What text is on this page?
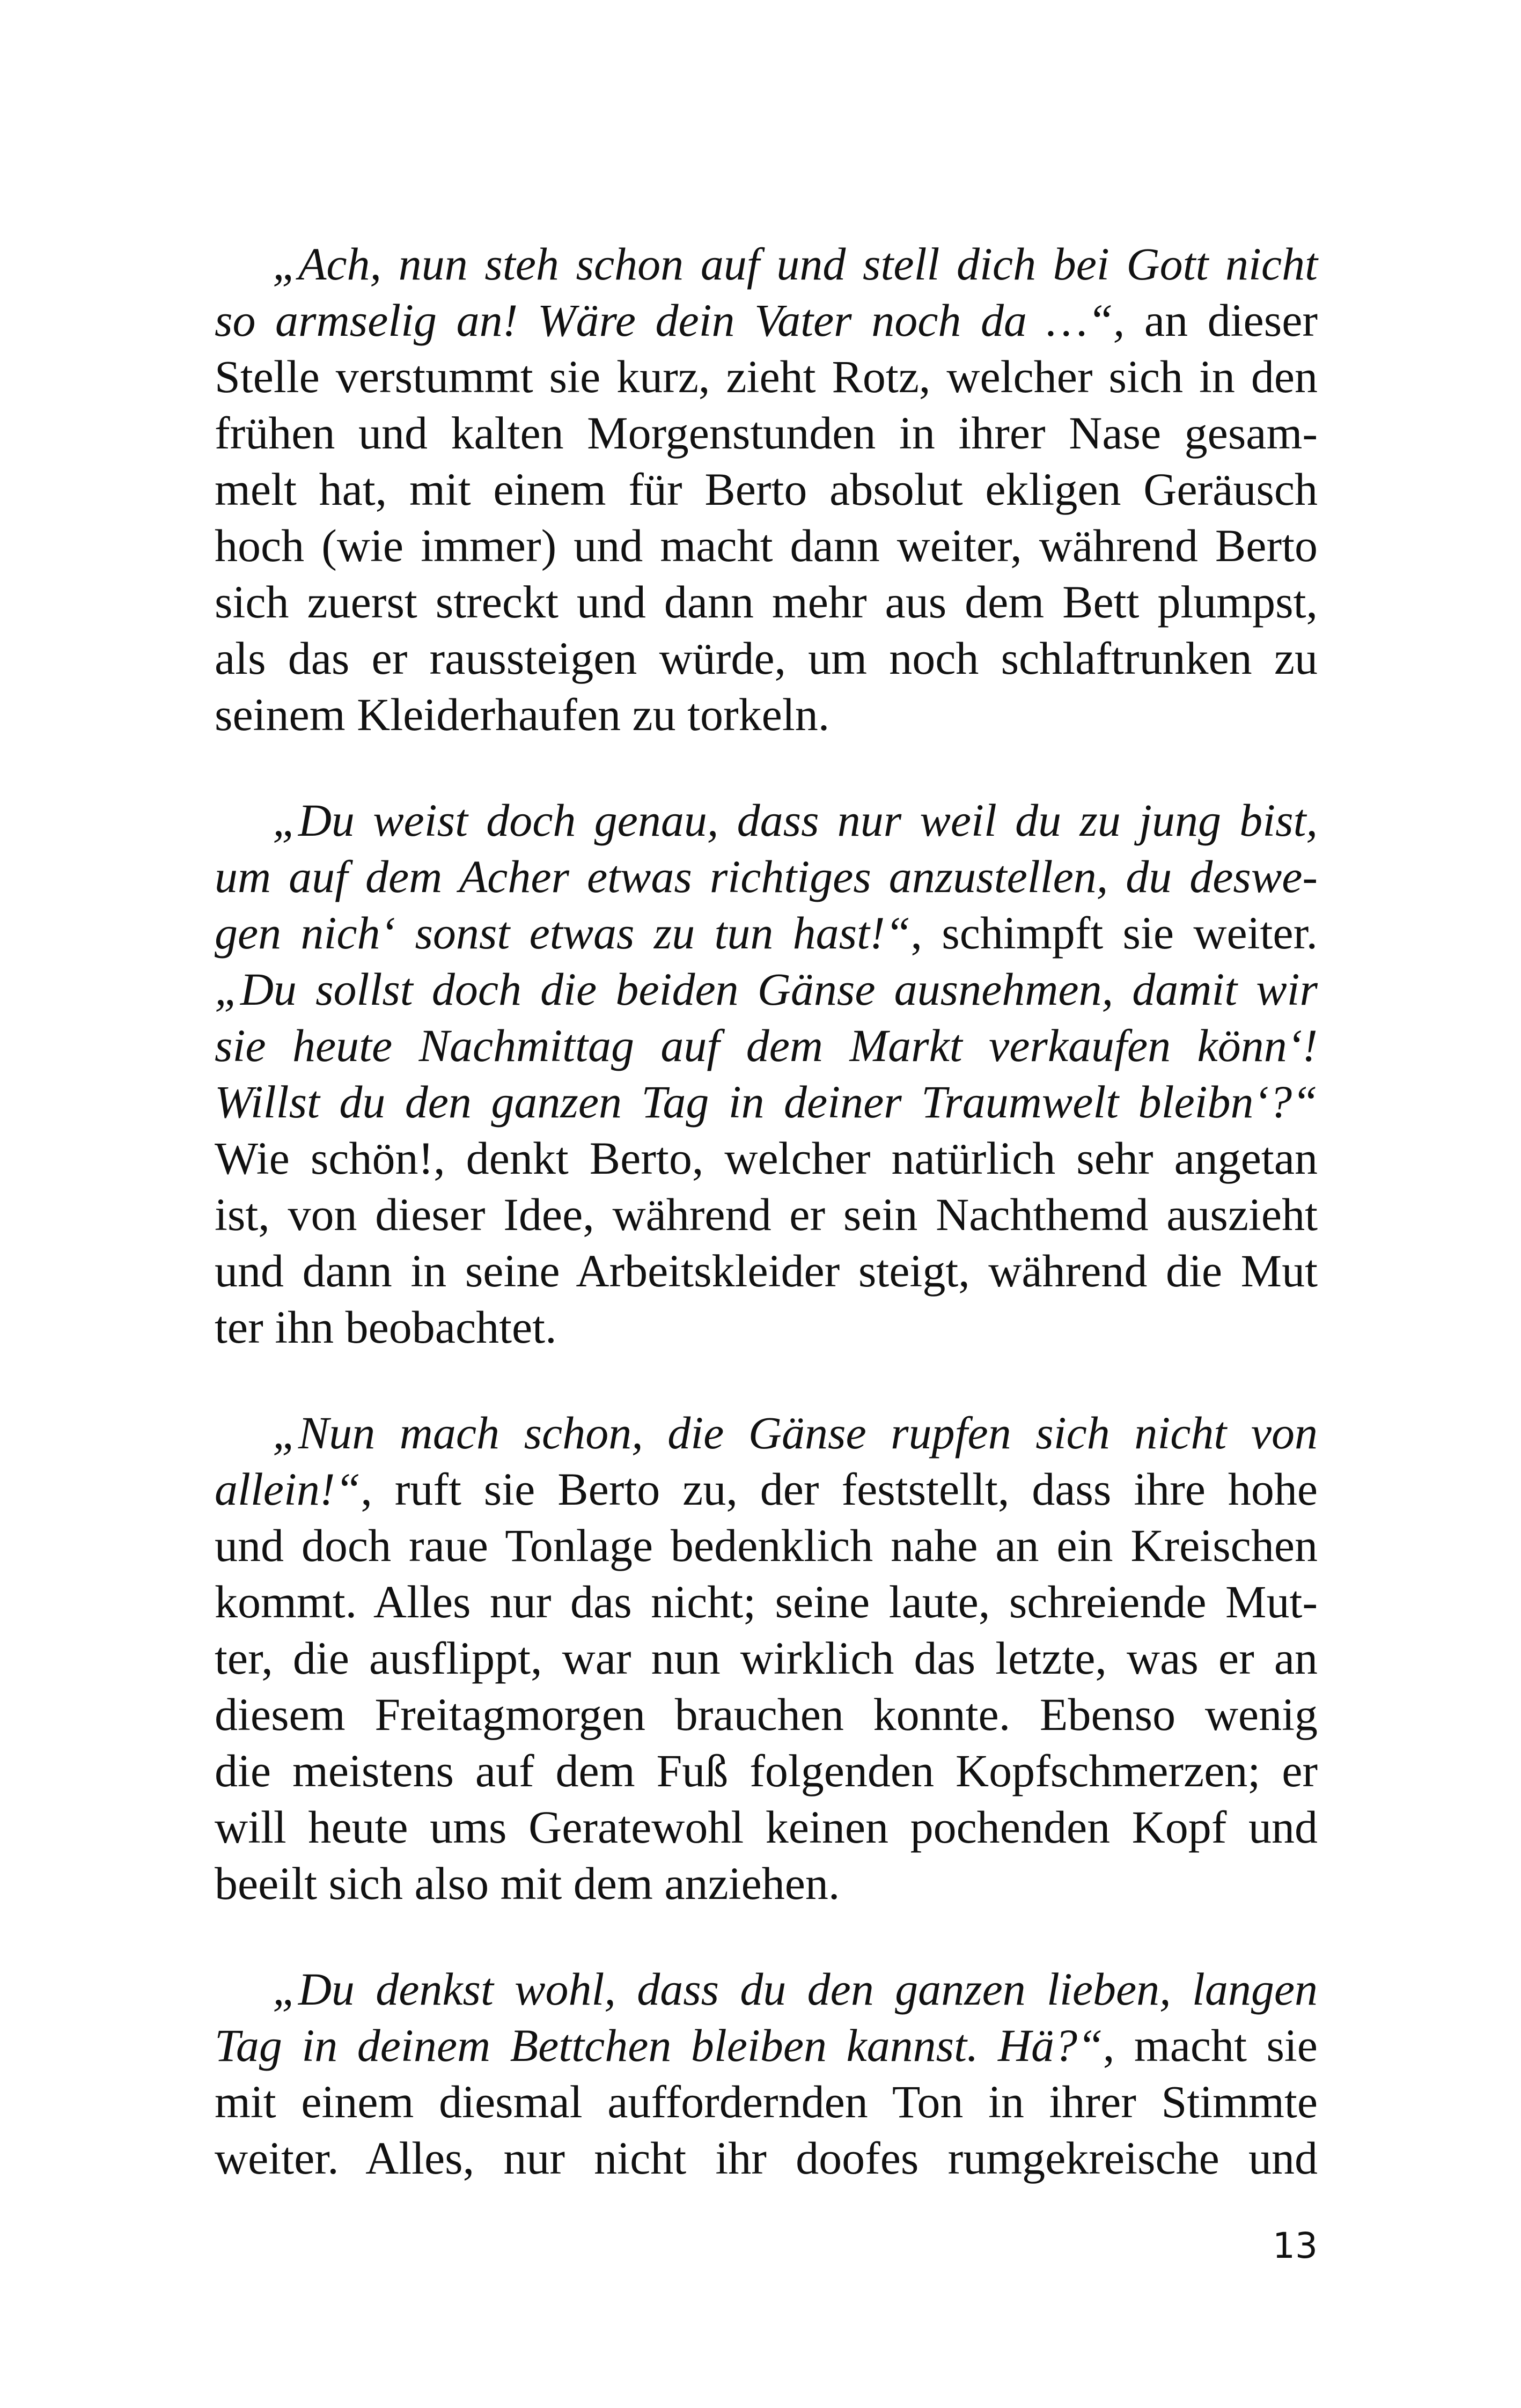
„Ach, nun steh schon auf und stell dich bei Gott nicht
so armselig an! Wäre dein Vater noch da …“, an dieser
Stelle verstummt sie kurz, zieht Rotz, welcher sich in den
frühen und kalten Morgenstunden in ihrer Nase gesam-
melt hat, mit einem für Berto absolut ekligen Geräusch
hoch (wie immer) und macht dann weiter, während Berto
sich zuerst streckt und dann mehr aus dem Bett plumpst,
als das er raussteigen würde, um noch schlaftrunken zu
seinem Kleiderhaufen zu torkeln.
„Du weist doch genau, dass nur weil du zu jung bist,
um auf dem Acher etwas richtiges anzustellen, du deswe-
gen nich‘ sonst etwas zu tun hast!“, schimpft sie weiter.
„Du sollst doch die beiden Gänse ausnehmen, damit wir
sie heute Nachmittag auf dem Markt verkaufen könn‘!
Willst du den ganzen Tag in deiner Traumwelt bleibn‘?“
Wie schön!, denkt Berto, welcher natürlich sehr angetan
ist, von dieser Idee, während er sein Nachthemd auszieht
und dann in seine Arbeitskleider steigt, während die Mut
ter ihn beobachtet.
„Nun mach schon, die Gänse rupfen sich nicht von
allein!“, ruft sie Berto zu, der feststellt, dass ihre hohe
und doch raue Tonlage bedenklich nahe an ein Kreischen
kommt. Alles nur das nicht; seine laute, schreiende Mut-
ter, die ausflippt, war nun wirklich das letzte, was er an
diesem Freitagmorgen brauchen konnte. Ebenso wenig
die meistens auf dem Fuß folgenden Kopfschmerzen; er
will heute ums Geratewohl keinen pochenden Kopf und
beeilt sich also mit dem anziehen.
„Du denkst wohl, dass du den ganzen lieben, langen
Tag in deinem Bettchen bleiben kannst. Hä?“, macht sie
mit einem diesmal auffordernden Ton in ihrer Stimmte
weiter. Alles, nur nicht ihr doofes rumgekreische und
13
